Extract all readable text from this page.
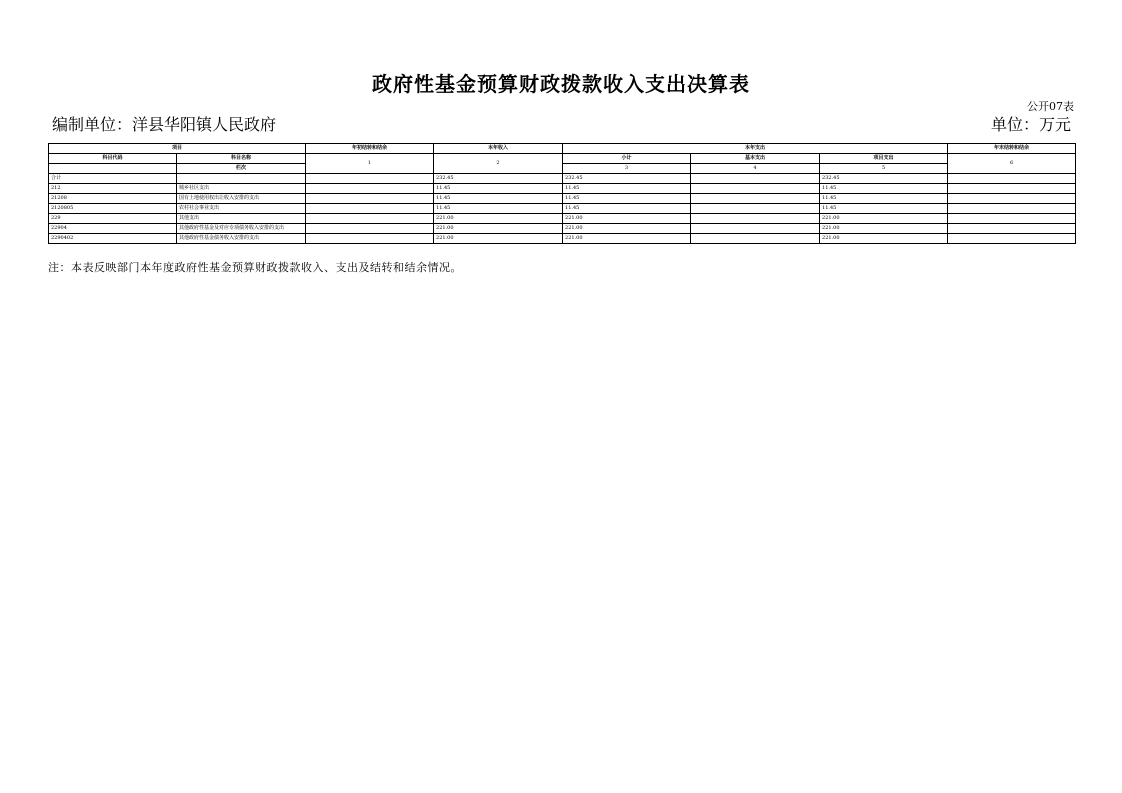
政府性基金预算财政拨款收入支出决算表
公开07表
编制单位：洋县华阳镇人民政府	单位：万元
项目		年初结转和结余	本年收入	本年支出			年末结转和结余
科目代码	科目名称	1	2	小计	基本支出	项目支出	6
	栏次			3	4	5	
合计			232.45	232.45		232.45	
212	城乡社区支出		11.45	11.45		11.45	
21208	国有土地使用权出让收入安排的支出		11.45	11.45		11.45	
2120805	农村社会事业支出		11.45	11.45		11.45	
229	其他支出		221.00	221.00		221.00	
22904	其他政府性基金及对应专项债务收入安排的支出		221.00	221.00		221.00	
2290402	其他政府性基金债务收入安排的支出		221.00	221.00		221.00	
注：本表反映部门本年度政府性基金预算财政拨款收入、支出及结转和结余情况。
